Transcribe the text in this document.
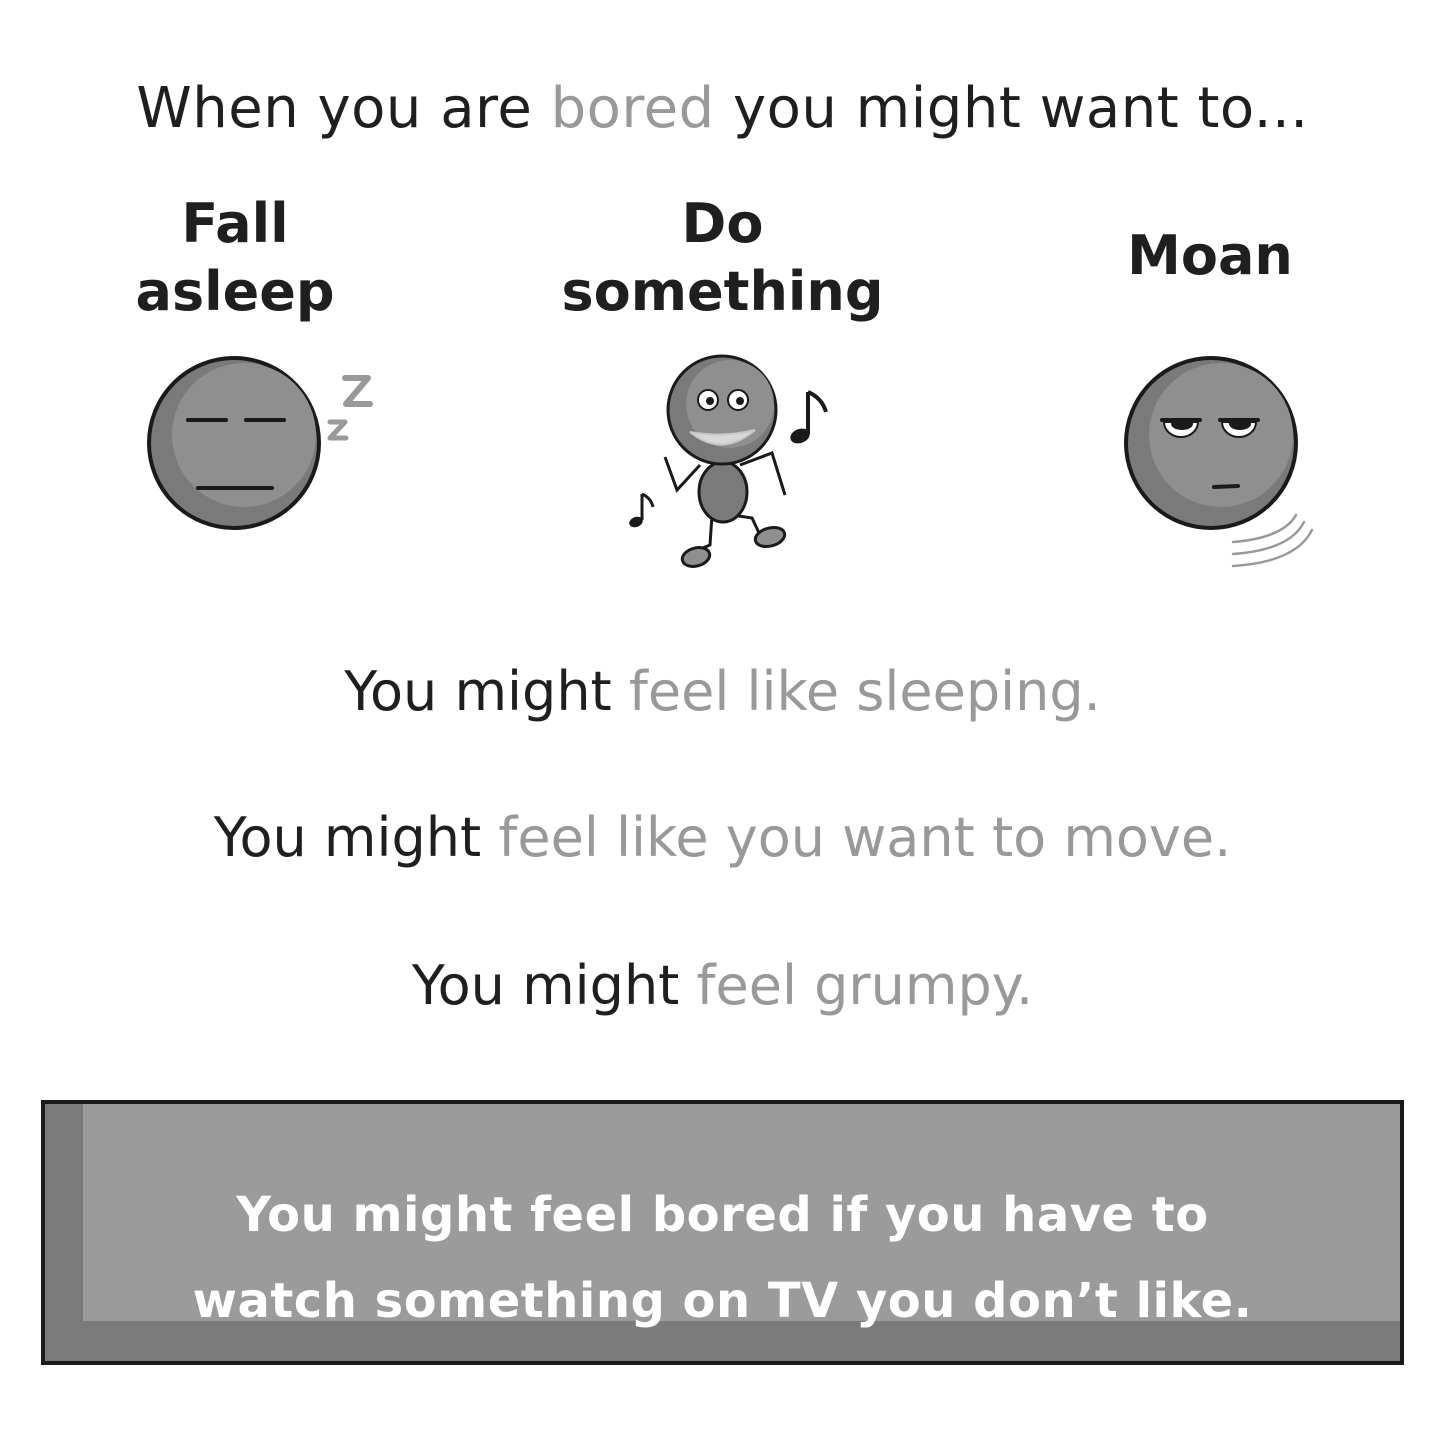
When you are bored you might want to...
Fall
asleep
Do
something
Moan
You might feel like sleeping.
You might feel like you want to move.
You might feel grumpy.
You might feel bored if you have to
watch something on TV you don’t like.
